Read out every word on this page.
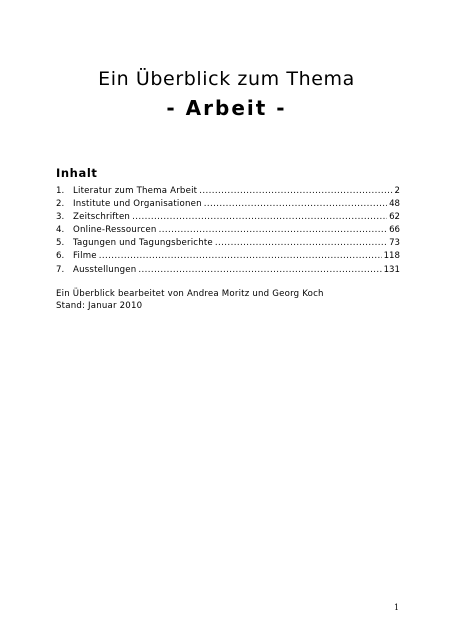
Ein Überblick zum Thema
- Arbeit -
Inhalt
1.	Literatur zum Thema Arbeit .....	2
2.	Institute und Organisationen .....	48
3.	Zeitschriften .....	62
4.	Online-Ressourcen .....	66
5.	Tagungen und Tagungsberichte .....	73
6.	Filme .....	118
7.	Ausstellungen .....	131
Ein Überblick bearbeitet von Andrea Moritz und Georg Koch
Stand: Januar 2010
1
